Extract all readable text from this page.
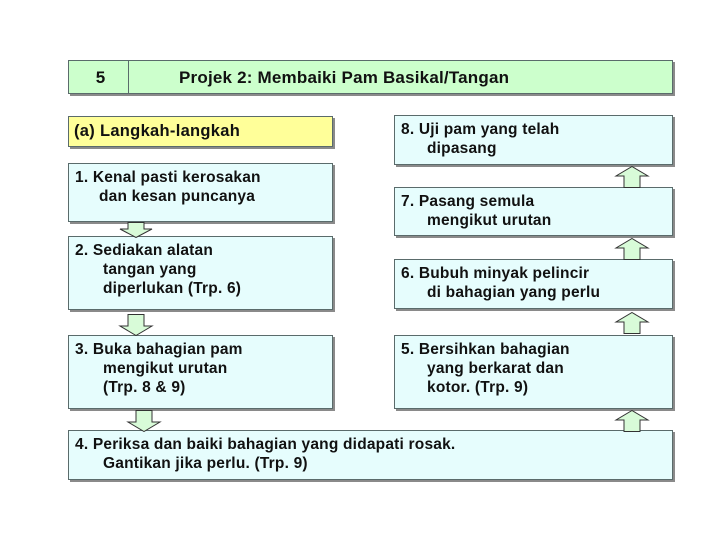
5	Projek 2: Membaiki Pam Basikal/Tangan
(a) Langkah-langkah
1. Kenal pasti kerosakan
dan kesan puncanya
2. Sediakan alatan
tangan yang
diperlukan (Trp. 6)
3. Buka bahagian pam
mengikut urutan
(Trp. 8 & 9)
4. Periksa dan baiki bahagian yang didapati rosak.
Gantikan jika perlu. (Trp. 9)
5. Bersihkan bahagian
yang berkarat dan
kotor. (Trp. 9)
6. Bubuh minyak pelincir
di bahagian yang perlu
7. Pasang semula
mengikut urutan
8. Uji pam yang telah
dipasang
